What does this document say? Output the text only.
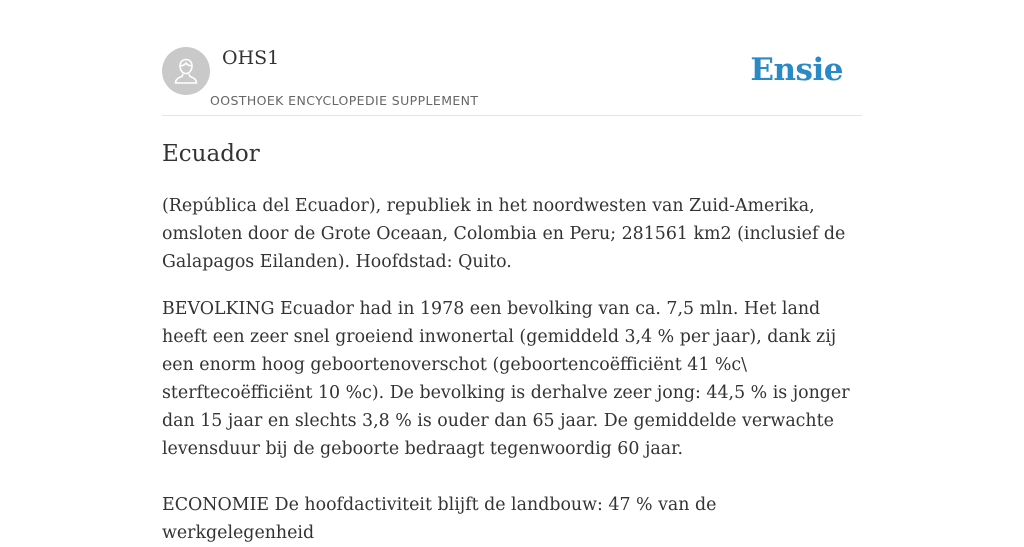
OHS1
OOSTHOEK ENCYCLOPEDIE SUPPLEMENT
Ensie
Ecuador

(República del Ecuador), republiek in het noordwesten van Zuid-Amerika, omsloten door de Grote Oceaan, Colombia en Peru; 281561 km2 (inclusief de Galapagos Eilanden). Hoofdstad: Quito.

BEVOLKING Ecuador had in 1978 een bevolking van ca. 7,5 mln. Het land heeft een zeer snel groeiend inwonertal (gemiddeld 3,4 % per jaar), dank zij een enorm hoog geboortenoverschot (geboortencoëfficiënt 41 %c\ sterftecoëfficiënt 10 %c). De bevolking is derhalve zeer jong: 44,5 % is jonger dan 15 jaar en slechts 3,8 % is ouder dan 65 jaar. De gemiddelde verwachte levensduur bij de geboorte bedraagt tegenwoordig 60 jaar.

ECONOMIE De hoofdactiviteit blijft de landbouw: 47 % van de werkgelegenheid
